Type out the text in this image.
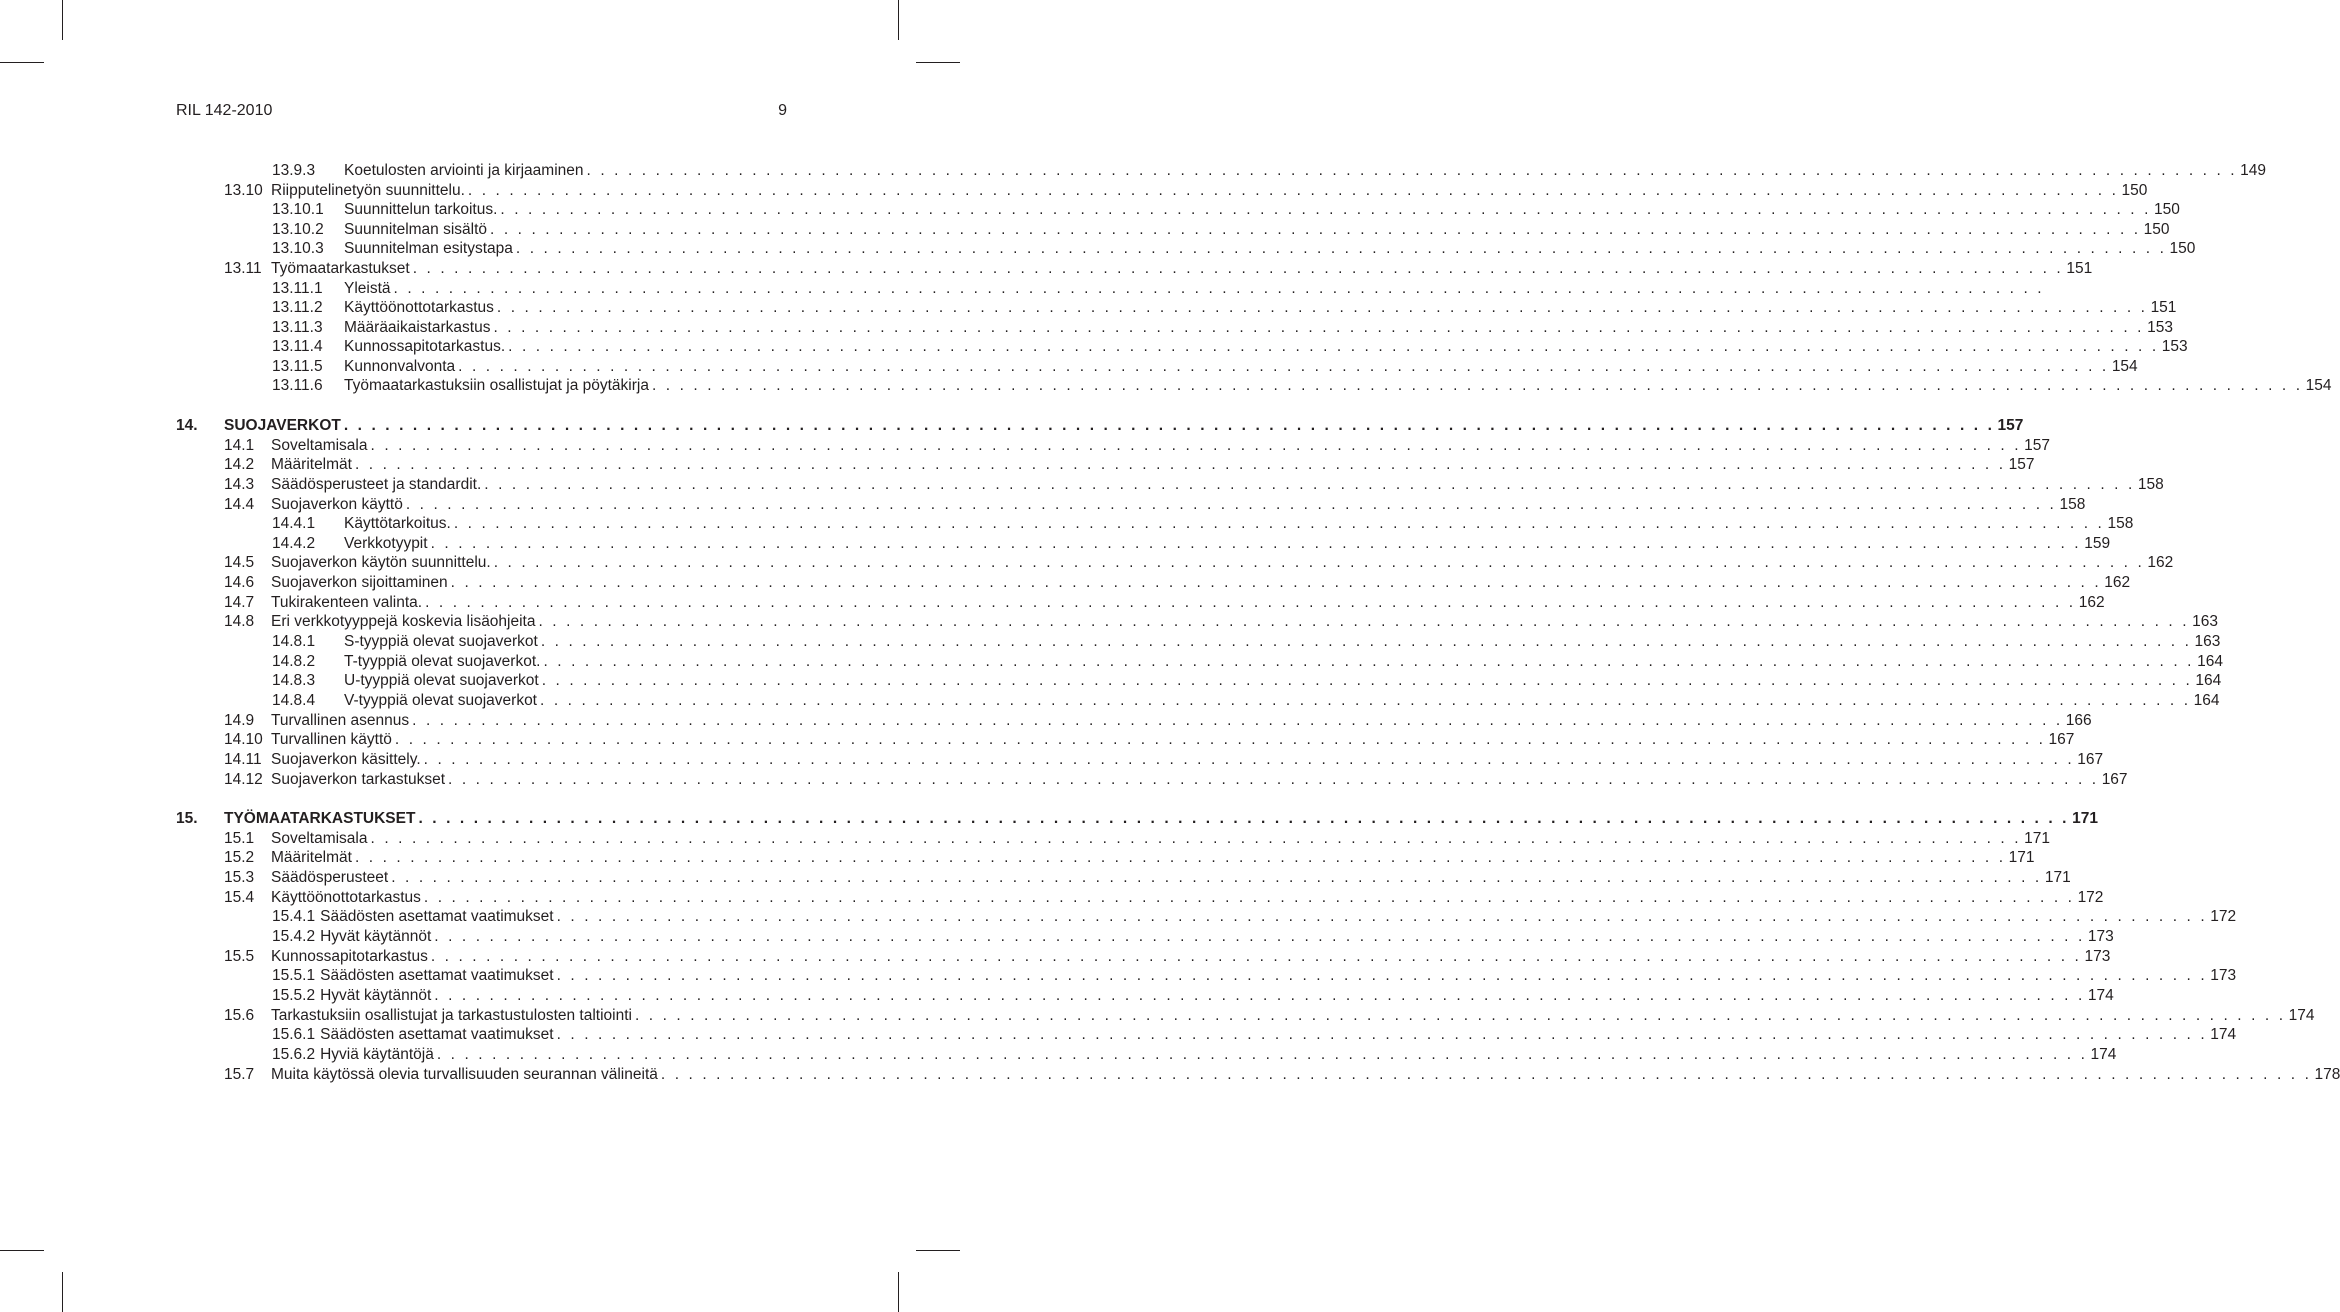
RIL 142-2010	9
13.9.3	Koetulosten arviointi ja kirjaaminen . . . . . . . . . . . . . . . . . . . . . . . . . . . . . . . . . . . . . . . . . . . . . . . . . . . . . . . . . . . . . . . . . . . . . . . . . . . . . . . . . . . . . . . . . . . . . . . . . . . . . . . . . . . . . . . . . . . . . . . . 149
13.10 Riipputelinetyön suunnittelu. . . . . . . . . . . . . . . . . . . . . . . . . . . . . . . . . . . . . . . . . . . . . . . . . . . . . . . . . . . . . . . . . . . . . . . . . . . . . . . . . . . . . . . . . . . . . . . . . . . . . . . . . . . . . . . . . . . . . . . . . 150
13.10.1	Suunnittelun tarkoitus. . . . . . . . . . . . . . . . . . . . . . . . . . . . . . . . . . . . . . . . . . . . . . . . . . . . . . . . . . . . . . . . . . . . . . . . . . . . . . . . . . . . . . . . . . . . . . . . . . . . . . . . . . . . . . . . . . . . . . . . . 150
13.10.2	Suunnitelman sisältö . . . . . . . . . . . . . . . . . . . . . . . . . . . . . . . . . . . . . . . . . . . . . . . . . . . . . . . . . . . . . . . . . . . . . . . . . . . . . . . . . . . . . . . . . . . . . . . . . . . . . . . . . . . . . . . . . . . . . . . . 150
13.10.3	Suunnitelman esitystapa . . . . . . . . . . . . . . . . . . . . . . . . . . . . . . . . . . . . . . . . . . . . . . . . . . . . . . . . . . . . . . . . . . . . . . . . . . . . . . . . . . . . . . . . . . . . . . . . . . . . . . . . . . . . . . . . . . . . . . . . 150
13.11 Työmaatarkastukset . . . . . . . . . . . . . . . . . . . . . . . . . . . . . . . . . . . . . . . . . . . . . . . . . . . . . . . . . . . . . . . . . . . . . . . . . . . . . . . . . . . . . . . . . . . . . . . . . . . . . . . . . . . . . . . . . . . . . . . . 151
13.11.1	Yleistä . . . . . . . . . . . . . . . . . . . . . . . . . . . . . . . . . . . . . . . . . . . . . . . . . . . . . . . . . . . . . . . . . . . . . . . . . . . . . . . . . . . . . . . . . . . . . . . . . . . . . . . . . . . . . . . . . . . . . . . .
13.11.2	Käyttöönottotarkastus . . . . . . . . . . . . . . . . . . . . . . . . . . . . . . . . . . . . . . . . . . . . . . . . . . . . . . . . . . . . . . . . . . . . . . . . . . . . . . . . . . . . . . . . . . . . . . . . . . . . . . . . . . . . . . . . . . . . . . . . 151
13.11.3	Määräaikaistarkastus . . . . . . . . . . . . . . . . . . . . . . . . . . . . . . . . . . . . . . . . . . . . . . . . . . . . . . . . . . . . . . . . . . . . . . . . . . . . . . . . . . . . . . . . . . . . . . . . . . . . . . . . . . . . . . . . . . . . . . . . 153
13.11.4	Kunnossapitotarkastus. . . . . . . . . . . . . . . . . . . . . . . . . . . . . . . . . . . . . . . . . . . . . . . . . . . . . . . . . . . . . . . . . . . . . . . . . . . . . . . . . . . . . . . . . . . . . . . . . . . . . . . . . . . . . . . . . . . . . . . . . 153
13.11.5	Kunnonvalvonta . . . . . . . . . . . . . . . . . . . . . . . . . . . . . . . . . . . . . . . . . . . . . . . . . . . . . . . . . . . . . . . . . . . . . . . . . . . . . . . . . . . . . . . . . . . . . . . . . . . . . . . . . . . . . . . . . . . . . . . . 154
13.11.6	Työmaatarkastuksiin osallistujat ja pöytäkirja . . . . . . . . . . . . . . . . . . . . . . . . . . . . . . . . . . . . . . . . . . . . . . . . . . . . . . . . . . . . . . . . . . . . . . . . . . . . . . . . . . . . . . . . . . . . . . . . . . . . . . . . . . . . . . . . . . . . . . . . 154
14.	SUOJAVERKOT . . . . . . . . . . . . . . . . . . . . . . . . . . . . . . . . . . . . . . . . . . . . . . . . . . . . . . . . . . . . . . . . . . . . . . . . . . . . . . . . . . . . . . . . . . . . . . . . . . . . . . . . . . . . . . . . . . . . . . . . 157
14.1	Soveltamisala . . . . . . . . . . . . . . . . . . . . . . . . . . . . . . . . . . . . . . . . . . . . . . . . . . . . . . . . . . . . . . . . . . . . . . . . . . . . . . . . . . . . . . . . . . . . . . . . . . . . . . . . . . . . . . . . . . . . . . . . 157
14.2	Määritelmät . . . . . . . . . . . . . . . . . . . . . . . . . . . . . . . . . . . . . . . . . . . . . . . . . . . . . . . . . . . . . . . . . . . . . . . . . . . . . . . . . . . . . . . . . . . . . . . . . . . . . . . . . . . . . . . . . . . . . . . . 157
14.3	Säädösperusteet ja standardit. . . . . . . . . . . . . . . . . . . . . . . . . . . . . . . . . . . . . . . . . . . . . . . . . . . . . . . . . . . . . . . . . . . . . . . . . . . . . . . . . . . . . . . . . . . . . . . . . . . . . . . . . . . . . . . . . . . . . . . . . 158
14.4	Suojaverkon käyttö . . . . . . . . . . . . . . . . . . . . . . . . . . . . . . . . . . . . . . . . . . . . . . . . . . . . . . . . . . . . . . . . . . . . . . . . . . . . . . . . . . . . . . . . . . . . . . . . . . . . . . . . . . . . . . . . . . . . . . . . 158
14.4.1	Käyttötarkoitus. . . . . . . . . . . . . . . . . . . . . . . . . . . . . . . . . . . . . . . . . . . . . . . . . . . . . . . . . . . . . . . . . . . . . . . . . . . . . . . . . . . . . . . . . . . . . . . . . . . . . . . . . . . . . . . . . . . . . . . . . 158
14.4.2	Verkkotyypit . . . . . . . . . . . . . . . . . . . . . . . . . . . . . . . . . . . . . . . . . . . . . . . . . . . . . . . . . . . . . . . . . . . . . . . . . . . . . . . . . . . . . . . . . . . . . . . . . . . . . . . . . . . . . . . . . . . . . . . . 159
14.5	Suojaverkon käytön suunnittelu. . . . . . . . . . . . . . . . . . . . . . . . . . . . . . . . . . . . . . . . . . . . . . . . . . . . . . . . . . . . . . . . . . . . . . . . . . . . . . . . . . . . . . . . . . . . . . . . . . . . . . . . . . . . . . . . . . . . . . . . . 162
14.6	Suojaverkon sijoittaminen . . . . . . . . . . . . . . . . . . . . . . . . . . . . . . . . . . . . . . . . . . . . . . . . . . . . . . . . . . . . . . . . . . . . . . . . . . . . . . . . . . . . . . . . . . . . . . . . . . . . . . . . . . . . . . . . . . . . . . . . 162
14.7	Tukirakenteen valinta. . . . . . . . . . . . . . . . . . . . . . . . . . . . . . . . . . . . . . . . . . . . . . . . . . . . . . . . . . . . . . . . . . . . . . . . . . . . . . . . . . . . . . . . . . . . . . . . . . . . . . . . . . . . . . . . . . . . . . . . . 162
14.8	Eri verkkotyyppejä koskevia lisäohjeita . . . . . . . . . . . . . . . . . . . . . . . . . . . . . . . . . . . . . . . . . . . . . . . . . . . . . . . . . . . . . . . . . . . . . . . . . . . . . . . . . . . . . . . . . . . . . . . . . . . . . . . . . . . . . . . . . . . . . . . . 163
14.8.1	S-tyyppiä olevat suojaverkot . . . . . . . . . . . . . . . . . . . . . . . . . . . . . . . . . . . . . . . . . . . . . . . . . . . . . . . . . . . . . . . . . . . . . . . . . . . . . . . . . . . . . . . . . . . . . . . . . . . . . . . . . . . . . . . . . . . . . . . . 163
14.8.2	T-tyyppiä olevat suojaverkot. . . . . . . . . . . . . . . . . . . . . . . . . . . . . . . . . . . . . . . . . . . . . . . . . . . . . . . . . . . . . . . . . . . . . . . . . . . . . . . . . . . . . . . . . . . . . . . . . . . . . . . . . . . . . . . . . . . . . . . . . 164
14.8.3	U-tyyppiä olevat suojaverkot . . . . . . . . . . . . . . . . . . . . . . . . . . . . . . . . . . . . . . . . . . . . . . . . . . . . . . . . . . . . . . . . . . . . . . . . . . . . . . . . . . . . . . . . . . . . . . . . . . . . . . . . . . . . . . . . . . . . . . . . 164
14.8.4	V-tyyppiä olevat suojaverkot . . . . . . . . . . . . . . . . . . . . . . . . . . . . . . . . . . . . . . . . . . . . . . . . . . . . . . . . . . . . . . . . . . . . . . . . . . . . . . . . . . . . . . . . . . . . . . . . . . . . . . . . . . . . . . . . . . . . . . . . 164
14.9	Turvallinen asennus . . . . . . . . . . . . . . . . . . . . . . . . . . . . . . . . . . . . . . . . . . . . . . . . . . . . . . . . . . . . . . . . . . . . . . . . . . . . . . . . . . . . . . . . . . . . . . . . . . . . . . . . . . . . . . . . . . . . . . . . 166
14.10 Turvallinen käyttö . . . . . . . . . . . . . . . . . . . . . . . . . . . . . . . . . . . . . . . . . . . . . . . . . . . . . . . . . . . . . . . . . . . . . . . . . . . . . . . . . . . . . . . . . . . . . . . . . . . . . . . . . . . . . . . . . . . . . . . . 167
14.11 Suojaverkon käsittely. . . . . . . . . . . . . . . . . . . . . . . . . . . . . . . . . . . . . . . . . . . . . . . . . . . . . . . . . . . . . . . . . . . . . . . . . . . . . . . . . . . . . . . . . . . . . . . . . . . . . . . . . . . . . . . . . . . . . . . . . 167
14.12 Suojaverkon tarkastukset . . . . . . . . . . . . . . . . . . . . . . . . . . . . . . . . . . . . . . . . . . . . . . . . . . . . . . . . . . . . . . . . . . . . . . . . . . . . . . . . . . . . . . . . . . . . . . . . . . . . . . . . . . . . . . . . . . . . . . . . 167
15.	TYÖMAATARKASTUKSET . . . . . . . . . . . . . . . . . . . . . . . . . . . . . . . . . . . . . . . . . . . . . . . . . . . . . . . . . . . . . . . . . . . . . . . . . . . . . . . . . . . . . . . . . . . . . . . . . . . . . . . . . . . . . . . . . . . . . . . . 171
15.1	Soveltamisala . . . . . . . . . . . . . . . . . . . . . . . . . . . . . . . . . . . . . . . . . . . . . . . . . . . . . . . . . . . . . . . . . . . . . . . . . . . . . . . . . . . . . . . . . . . . . . . . . . . . . . . . . . . . . . . . . . . . . . . . 171
15.2	Määritelmät . . . . . . . . . . . . . . . . . . . . . . . . . . . . . . . . . . . . . . . . . . . . . . . . . . . . . . . . . . . . . . . . . . . . . . . . . . . . . . . . . . . . . . . . . . . . . . . . . . . . . . . . . . . . . . . . . . . . . . . . 171
15.3	Säädösperusteet . . . . . . . . . . . . . . . . . . . . . . . . . . . . . . . . . . . . . . . . . . . . . . . . . . . . . . . . . . . . . . . . . . . . . . . . . . . . . . . . . . . . . . . . . . . . . . . . . . . . . . . . . . . . . . . . . . . . . . . . 171
15.4	Käyttöönottotarkastus . . . . . . . . . . . . . . . . . . . . . . . . . . . . . . . . . . . . . . . . . . . . . . . . . . . . . . . . . . . . . . . . . . . . . . . . . . . . . . . . . . . . . . . . . . . . . . . . . . . . . . . . . . . . . . . . . . . . . . . . 172
15.4.1 Säädösten asettamat vaatimukset . . . . . . . . . . . . . . . . . . . . . . . . . . . . . . . . . . . . . . . . . . . . . . . . . . . . . . . . . . . . . . . . . . . . . . . . . . . . . . . . . . . . . . . . . . . . . . . . . . . . . . . . . . . . . . . . . . . . . . . . 172
15.4.2 Hyvät käytännöt . . . . . . . . . . . . . . . . . . . . . . . . . . . . . . . . . . . . . . . . . . . . . . . . . . . . . . . . . . . . . . . . . . . . . . . . . . . . . . . . . . . . . . . . . . . . . . . . . . . . . . . . . . . . . . . . . . . . . . . . 173
15.5	Kunnossapitotarkastus . . . . . . . . . . . . . . . . . . . . . . . . . . . . . . . . . . . . . . . . . . . . . . . . . . . . . . . . . . . . . . . . . . . . . . . . . . . . . . . . . . . . . . . . . . . . . . . . . . . . . . . . . . . . . . . . . . . . . . . . 173
15.5.1 Säädösten asettamat vaatimukset . . . . . . . . . . . . . . . . . . . . . . . . . . . . . . . . . . . . . . . . . . . . . . . . . . . . . . . . . . . . . . . . . . . . . . . . . . . . . . . . . . . . . . . . . . . . . . . . . . . . . . . . . . . . . . . . . . . . . . . . 173
15.5.2 Hyvät käytännöt . . . . . . . . . . . . . . . . . . . . . . . . . . . . . . . . . . . . . . . . . . . . . . . . . . . . . . . . . . . . . . . . . . . . . . . . . . . . . . . . . . . . . . . . . . . . . . . . . . . . . . . . . . . . . . . . . . . . . . . . 174
15.6	Tarkastuksiin osallistujat ja tarkastustulosten taltiointi . . . . . . . . . . . . . . . . . . . . . . . . . . . . . . . . . . . . . . . . . . . . . . . . . . . . . . . . . . . . . . . . . . . . . . . . . . . . . . . . . . . . . . . . . . . . . . . . . . . . . . . . . . . . . . . . . . . . . . . . 174
15.6.1 Säädösten asettamat vaatimukset . . . . . . . . . . . . . . . . . . . . . . . . . . . . . . . . . . . . . . . . . . . . . . . . . . . . . . . . . . . . . . . . . . . . . . . . . . . . . . . . . . . . . . . . . . . . . . . . . . . . . . . . . . . . . . . . . . . . . . . . 174
15.6.2 Hyviä käytäntöjä . . . . . . . . . . . . . . . . . . . . . . . . . . . . . . . . . . . . . . . . . . . . . . . . . . . . . . . . . . . . . . . . . . . . . . . . . . . . . . . . . . . . . . . . . . . . . . . . . . . . . . . . . . . . . . . . . . . . . . . . 174
15.7	Muita käytössä olevia turvallisuuden seurannan välineitä . . . . . . . . . . . . . . . . . . . . . . . . . . . . . . . . . . . . . . . . . . . . . . . . . . . . . . . . . . . . . . . . . . . . . . . . . . . . . . . . . . . . . . . . . . . . . . . . . . . . . . . . . . . . . . . . . . . . . . . . 178
